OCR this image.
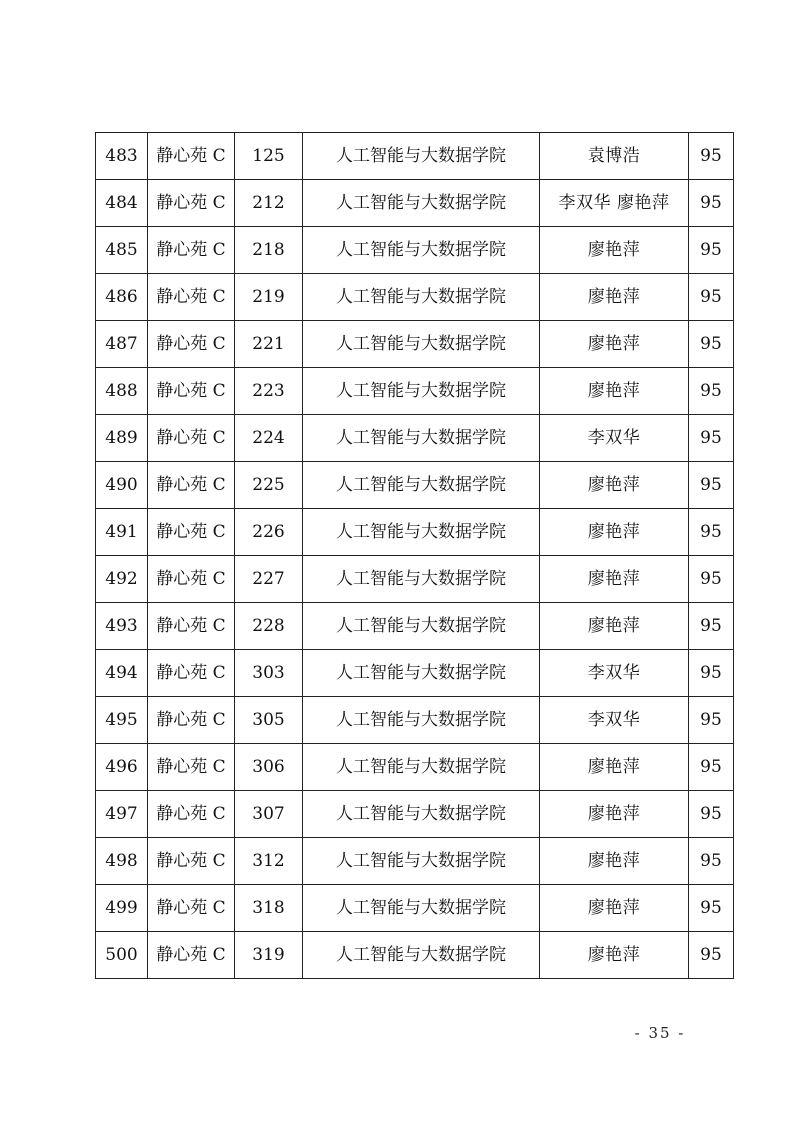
483	静心苑 C	125	人工智能与大数据学院	袁博浩	95
484	静心苑 C	212	人工智能与大数据学院	李双华 廖艳萍	95
485	静心苑 C	218	人工智能与大数据学院	廖艳萍	95
486	静心苑 C	219	人工智能与大数据学院	廖艳萍	95
487	静心苑 C	221	人工智能与大数据学院	廖艳萍	95
488	静心苑 C	223	人工智能与大数据学院	廖艳萍	95
489	静心苑 C	224	人工智能与大数据学院	李双华	95
490	静心苑 C	225	人工智能与大数据学院	廖艳萍	95
491	静心苑 C	226	人工智能与大数据学院	廖艳萍	95
492	静心苑 C	227	人工智能与大数据学院	廖艳萍	95
493	静心苑 C	228	人工智能与大数据学院	廖艳萍	95
494	静心苑 C	303	人工智能与大数据学院	李双华	95
495	静心苑 C	305	人工智能与大数据学院	李双华	95
496	静心苑 C	306	人工智能与大数据学院	廖艳萍	95
497	静心苑 C	307	人工智能与大数据学院	廖艳萍	95
498	静心苑 C	312	人工智能与大数据学院	廖艳萍	95
499	静心苑 C	318	人工智能与大数据学院	廖艳萍	95
500	静心苑 C	319	人工智能与大数据学院	廖艳萍	95
- 35 -
